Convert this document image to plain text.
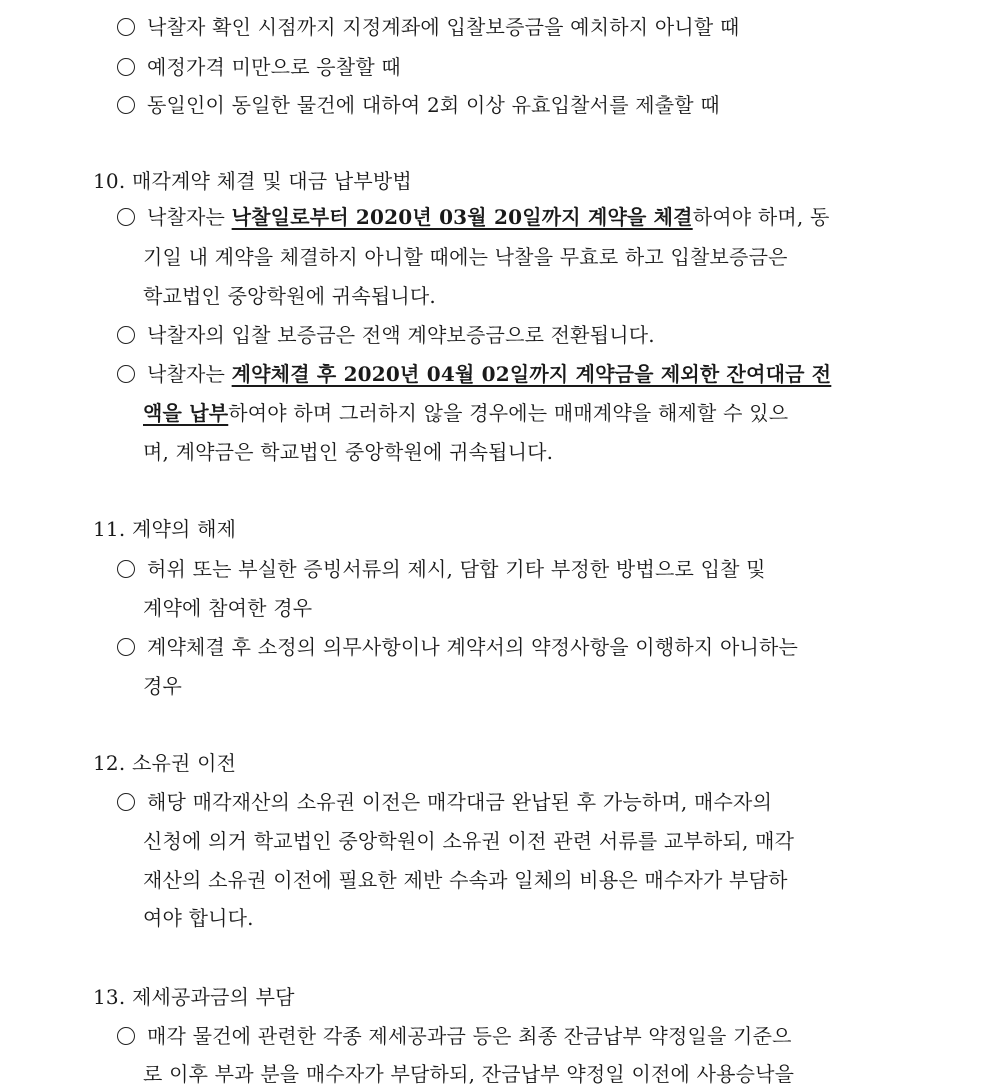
낙찰자 확인 시점까지 지정계좌에 입찰보증금을 예치하지 아니할 때
예정가격 미만으로 응찰할 때
동일인이 동일한 물건에 대하여 2회 이상 유효입찰서를 제출할 때
10. 매각계약 체결 및 대금 납부방법
낙찰자는 낙찰일로부터 2020년 03월 20일까지 계약을 체결하여야 하며, 동
기일 내 계약을 체결하지 아니할 때에는 낙찰을 무효로 하고 입찰보증금은
학교법인 중앙학원에 귀속됩니다.
낙찰자의 입찰 보증금은 전액 계약보증금으로 전환됩니다.
낙찰자는 계약체결 후 2020년 04월 02일까지 계약금을 제외한 잔여대금 전
액을 납부하여야 하며 그러하지 않을 경우에는 매매계약을 해제할 수 있으
며, 계약금은 학교법인 중앙학원에 귀속됩니다.
11. 계약의 해제
허위 또는 부실한 증빙서류의 제시, 담합 기타 부정한 방법으로 입찰 및
계약에 참여한 경우
계약체결 후 소정의 의무사항이나 계약서의 약정사항을 이행하지 아니하는
경우
12. 소유권 이전
해당 매각재산의 소유권 이전은 매각대금 완납된 후 가능하며, 매수자의
신청에 의거 학교법인 중앙학원이 소유권 이전 관련 서류를 교부하되, 매각
재산의 소유권 이전에 필요한 제반 수속과 일체의 비용은 매수자가 부담하
여야 합니다.
13. 제세공과금의 부담
매각 물건에 관련한 각종 제세공과금 등은 최종 잔금납부 약정일을 기준으
로 이후 부과 분을 매수자가 부담하되, 잔금납부 약정일 이전에 사용승낙을
